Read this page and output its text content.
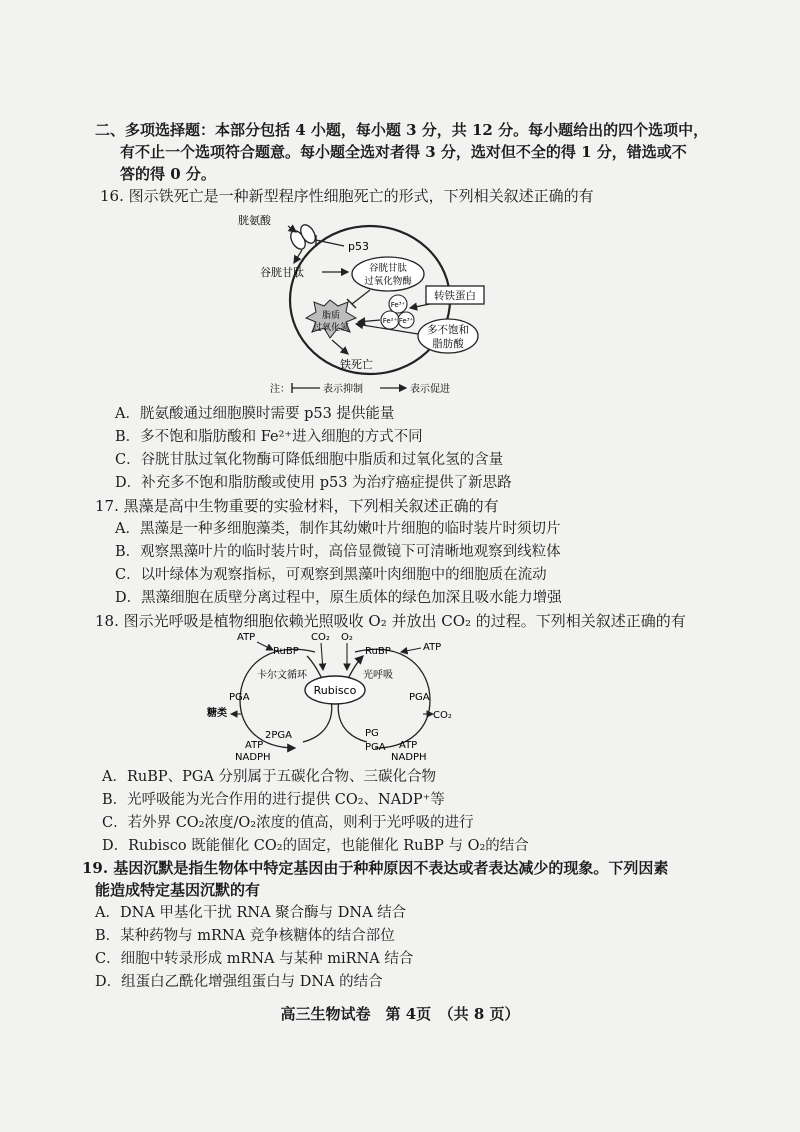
二、多项选择题：本部分包括 4 小题，每小题 3 分，共 12 分。每小题给出的四个选项中，
有不止一个选项符合题意。每小题全选对者得 3 分，选对但不全的得 1 分，错选或不
答的得 0 分。
16. 图示铁死亡是一种新型程序性细胞死亡的形式，下列相关叙述正确的有
胱氨酸
p53
谷胱甘肽	谷胱甘肽
过氧化物酶
转铁蛋白
Fe³⁺
Fe²⁺ Fe³⁺
脂质
过氧化氢	多不饱和
脂肪酸
铁死亡
注：	表示抑制	表示促进
A．胱氨酸通过细胞膜时需要 p53 提供能量
B．多不饱和脂肪酸和 Fe²⁺进入细胞的方式不同
C．谷胱甘肽过氧化物酶可降低细胞中脂质和过氧化氢的含量
D．补充多不饱和脂肪酸或使用 p53 为治疗癌症提供了新思路
17. 黑藻是高中生物重要的实验材料，下列相关叙述正确的有
A．黑藻是一种多细胞藻类，制作其幼嫩叶片细胞的临时装片时须切片
B．观察黑藻叶片的临时装片时，高倍显微镜下可清晰地观察到线粒体
C．以叶绿体为观察指标，可观察到黑藻叶肉细胞中的细胞质在流动
D．黑藻细胞在质壁分离过程中，原生质体的绿色加深且吸水能力增强
18. 图示光呼吸是植物细胞依赖光照吸收 O₂ 并放出 CO₂ 的过程。下列相关叙述正确的有
Rubisco
ATP
RuBP
CO₂ O₂
RuBP	ATP
卡尔文循环	光呼吸
PGA	PGA
糖类
2PGA
CO₂
ATP
NADPH
PG
PGA ATP
NADPH
A．RuBP、PGA 分别属于五碳化合物、三碳化合物
B．光呼吸能为光合作用的进行提供 CO₂、NADP⁺等
C．若外界 CO₂浓度/O₂浓度的值高，则利于光呼吸的进行
D．Rubisco 既能催化 CO₂的固定，也能催化 RuBP 与 O₂的结合
19. 基因沉默是指生物体中特定基因由于种种原因不表达或者表达减少的现象。下列因素
能造成特定基因沉默的有
A．DNA 甲基化干扰 RNA 聚合酶与 DNA 结合
B．某种药物与 mRNA 竞争核糖体的结合部位
C．细胞中转录形成 mRNA 与某种 miRNA 结合
D．组蛋白乙酰化增强组蛋白与 DNA 的结合
高三生物试卷　第 4页　（共 8 页）
